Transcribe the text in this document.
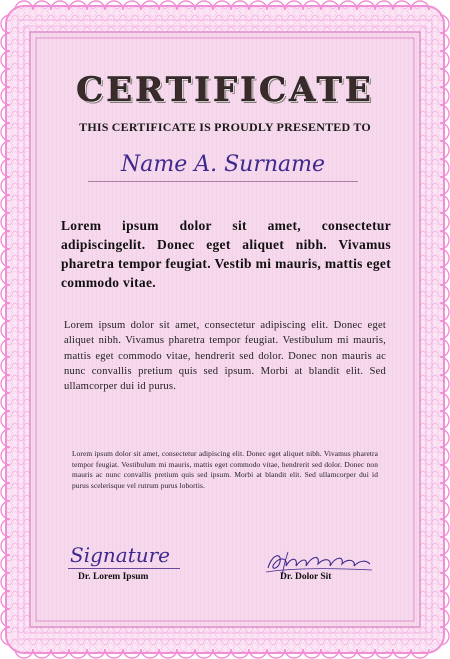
CERTIFICATE
THIS CERTIFICATE IS PROUDLY PRESENTED TO
Name A. Surname
Lorem ipsum dolor sit amet, consectetur adipiscingelit. Donec eget aliquet nibh. Vivamus pharetra tempor feugiat. Vestib mi mauris, mattis eget commodo vitae.
Lorem ipsum dolor sit amet, consectetur adipiscing elit. Donec eget aliquet nibh. Vivamus pharetra tempor feugiat. Vestibulum mi mauris, mattis eget commodo vitae, hendrerit sed dolor. Donec non mauris ac nunc convallis pretium quis sed ipsum. Morbi at blandit elit. Sed ullamcorper dui id purus.
Lorem ipsum dolor sit amet, consectetur adipiscing elit. Donec eget aliquet nibh. Vivamus pharetra tempor feugiat. Vestibulum mi mauris, mattis eget commodo vitae, hendrerit sed dolor. Donec non mauris ac nunc convallis pretium quis sed ipsum. Morbi at blandit elit. Sed ullamcorper dui id purus scelerisque vel rutrum purus lobortis.
Signature
Dr. Lorem Ipsum	Dr. Dolor Sit
